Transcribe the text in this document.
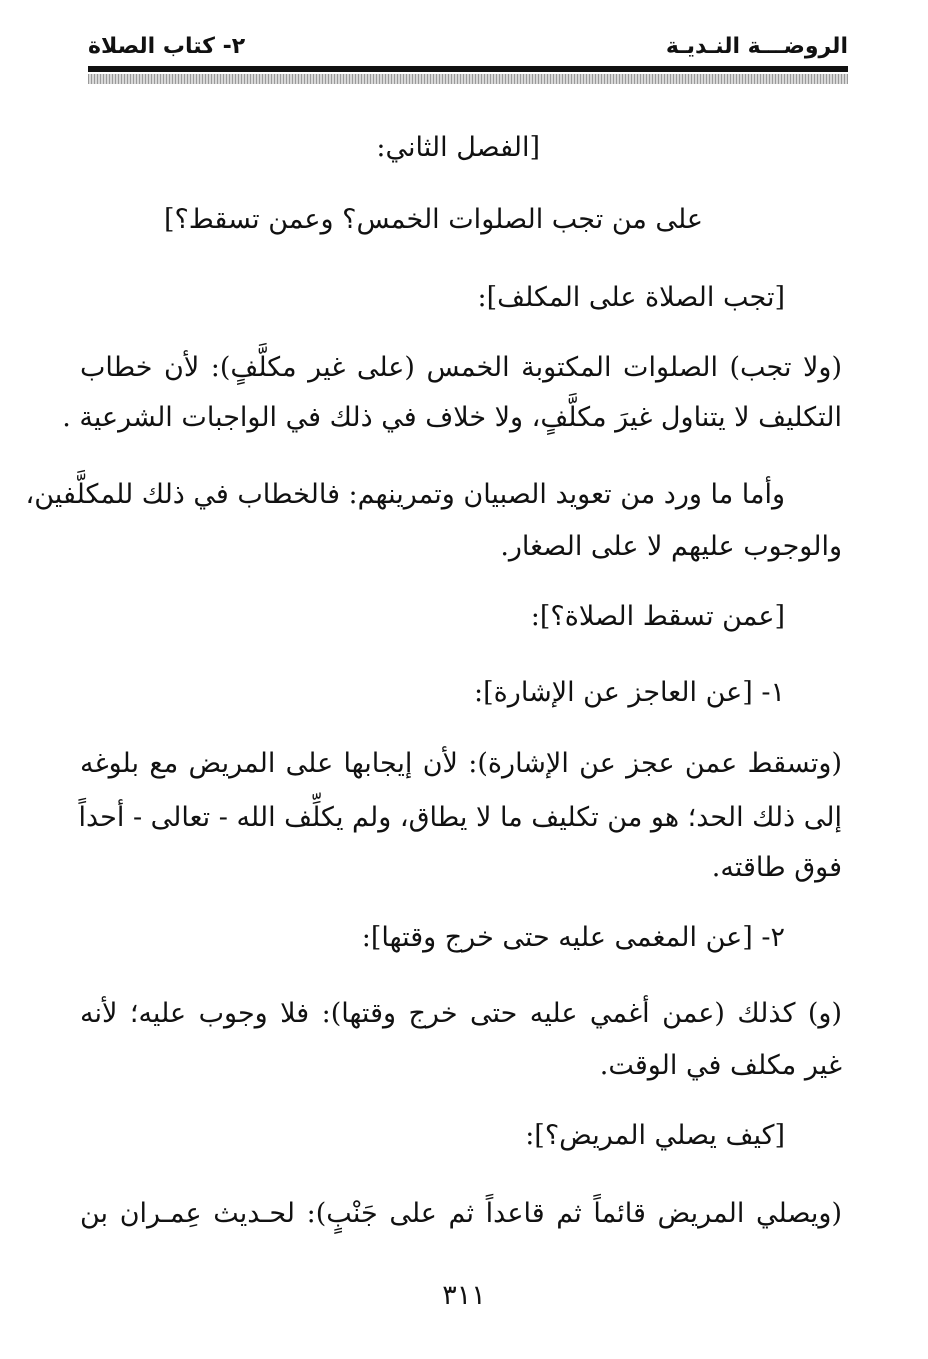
الروضـــة النـديـة
٢- كتاب الصلاة
[الفصل الثاني:
على من تجب الصلوات الخمس؟ وعمن تسقط؟]
[تجب الصلاة على المكلف]:
(ولا تجب) الصلوات المكتوبة الخمس (على غير مكلَّفٍ): لأن خطاب
التكليف لا يتناول غيرَ مكلَّفٍ، ولا خلاف في ذلك في الواجبات الشرعية .
وأما ما ورد من تعويد الصبيان وتمرينهم: فالخطاب في ذلك للمكلَّفين،
والوجوب عليهم لا على الصغار.
[عمن تسقط الصلاة؟]:
١- [عن العاجز عن الإشارة]:
(وتسقط عمن عجز عن الإشارة): لأن إيجابها على المريض مع بلوغه
إلى ذلك الحد؛ هو من تكليف ما لا يطاق، ولم يكلِّف الله - تعالى - أحداً
فوق طاقته.
٢- [عن المغمى عليه حتى خرج وقتها]:
(و) كذلك (عمن أغمي عليه حتى خرج وقتها): فلا وجوب عليه؛ لأنه
غير مكلف في الوقت.
[كيف يصلي المريض؟]:
(ويصلي المريض قائماً ثم قاعداً ثم على جَنْبٍ): لحـديث عِمـران بن
٣١١
